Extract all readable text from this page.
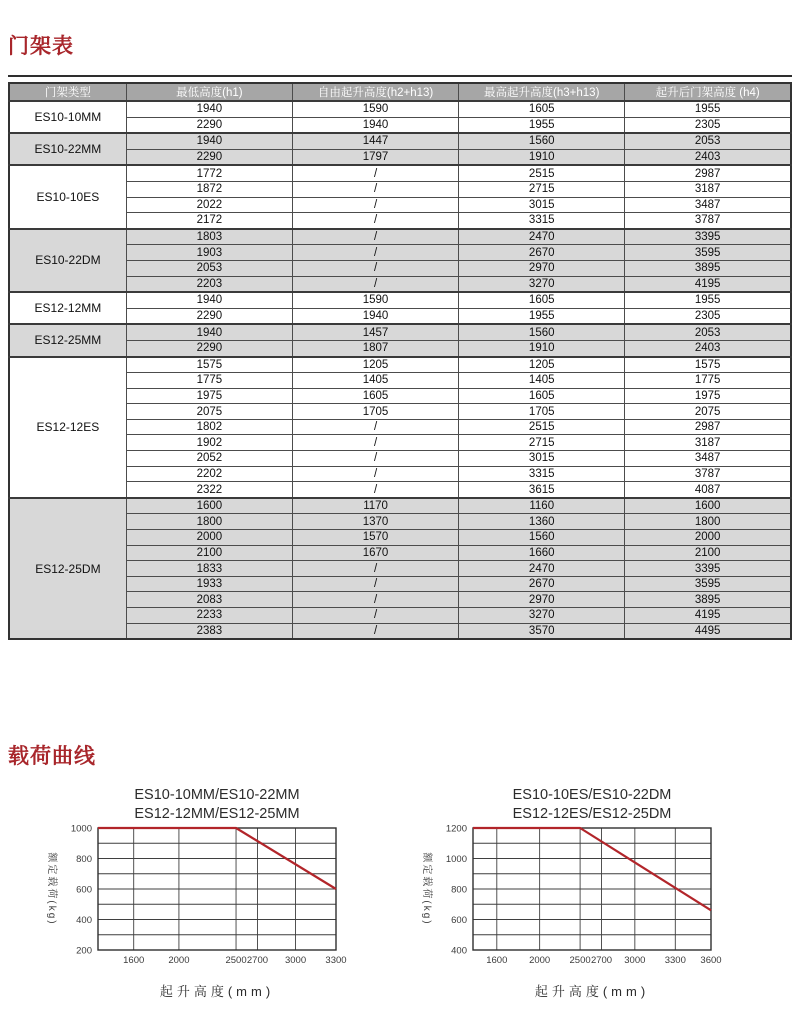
门架表
门架类型	最低高度(h1)	自由起升高度(h2+h13)	最高起升高度(h3+h13)	起升后门架高度 (h4)
ES10-10MM	1940	1590	1605	1955
	2290	1940	1955	2305
ES10-22MM	1940	1447	1560	2053
	2290	1797	1910	2403
ES10-10ES	1772	/	2515	2987
	1872	/	2715	3187
	2022	/	3015	3487
	2172	/	3315	3787
ES10-22DM	1803	/	2470	3395
	1903	/	2670	3595
	2053	/	2970	3895
	2203	/	3270	4195
ES12-12MM	1940	1590	1605	1955
	2290	1940	1955	2305
ES12-25MM	1940	1457	1560	2053
	2290	1807	1910	2403
ES12-12ES	1575	1205	1205	1575
	1775	1405	1405	1775
	1975	1605	1605	1975
	2075	1705	1705	2075
	1802	/	2515	2987
	1902	/	2715	3187
	2052	/	3015	3487
	2202	/	3315	3787
	2322	/	3615	4087
ES12-25DM	1600	1170	1160	1600
	1800	1370	1360	1800
	2000	1570	1560	2000
	2100	1670	1660	2100
	1833	/	2470	3395
	1933	/	2670	3595
	2083	/	2970	3895
	2233	/	3270	4195
	2383	/	3570	4495
载荷曲线
ES10-10MM/ES10-22MM
ES12-12MM/ES12-25MM
1000
800
600
400
200
1600	2000	2500 2700 3000 3300
额定载荷(kg)
起升高度(mm)
ES10-10ES/ES10-22DM
ES12-12ES/ES12-25DM
1200
1000
800
600
400
1600 2000 2500 2700 3000 3300 3600
额定载荷(kg)
起升高度(mm)
